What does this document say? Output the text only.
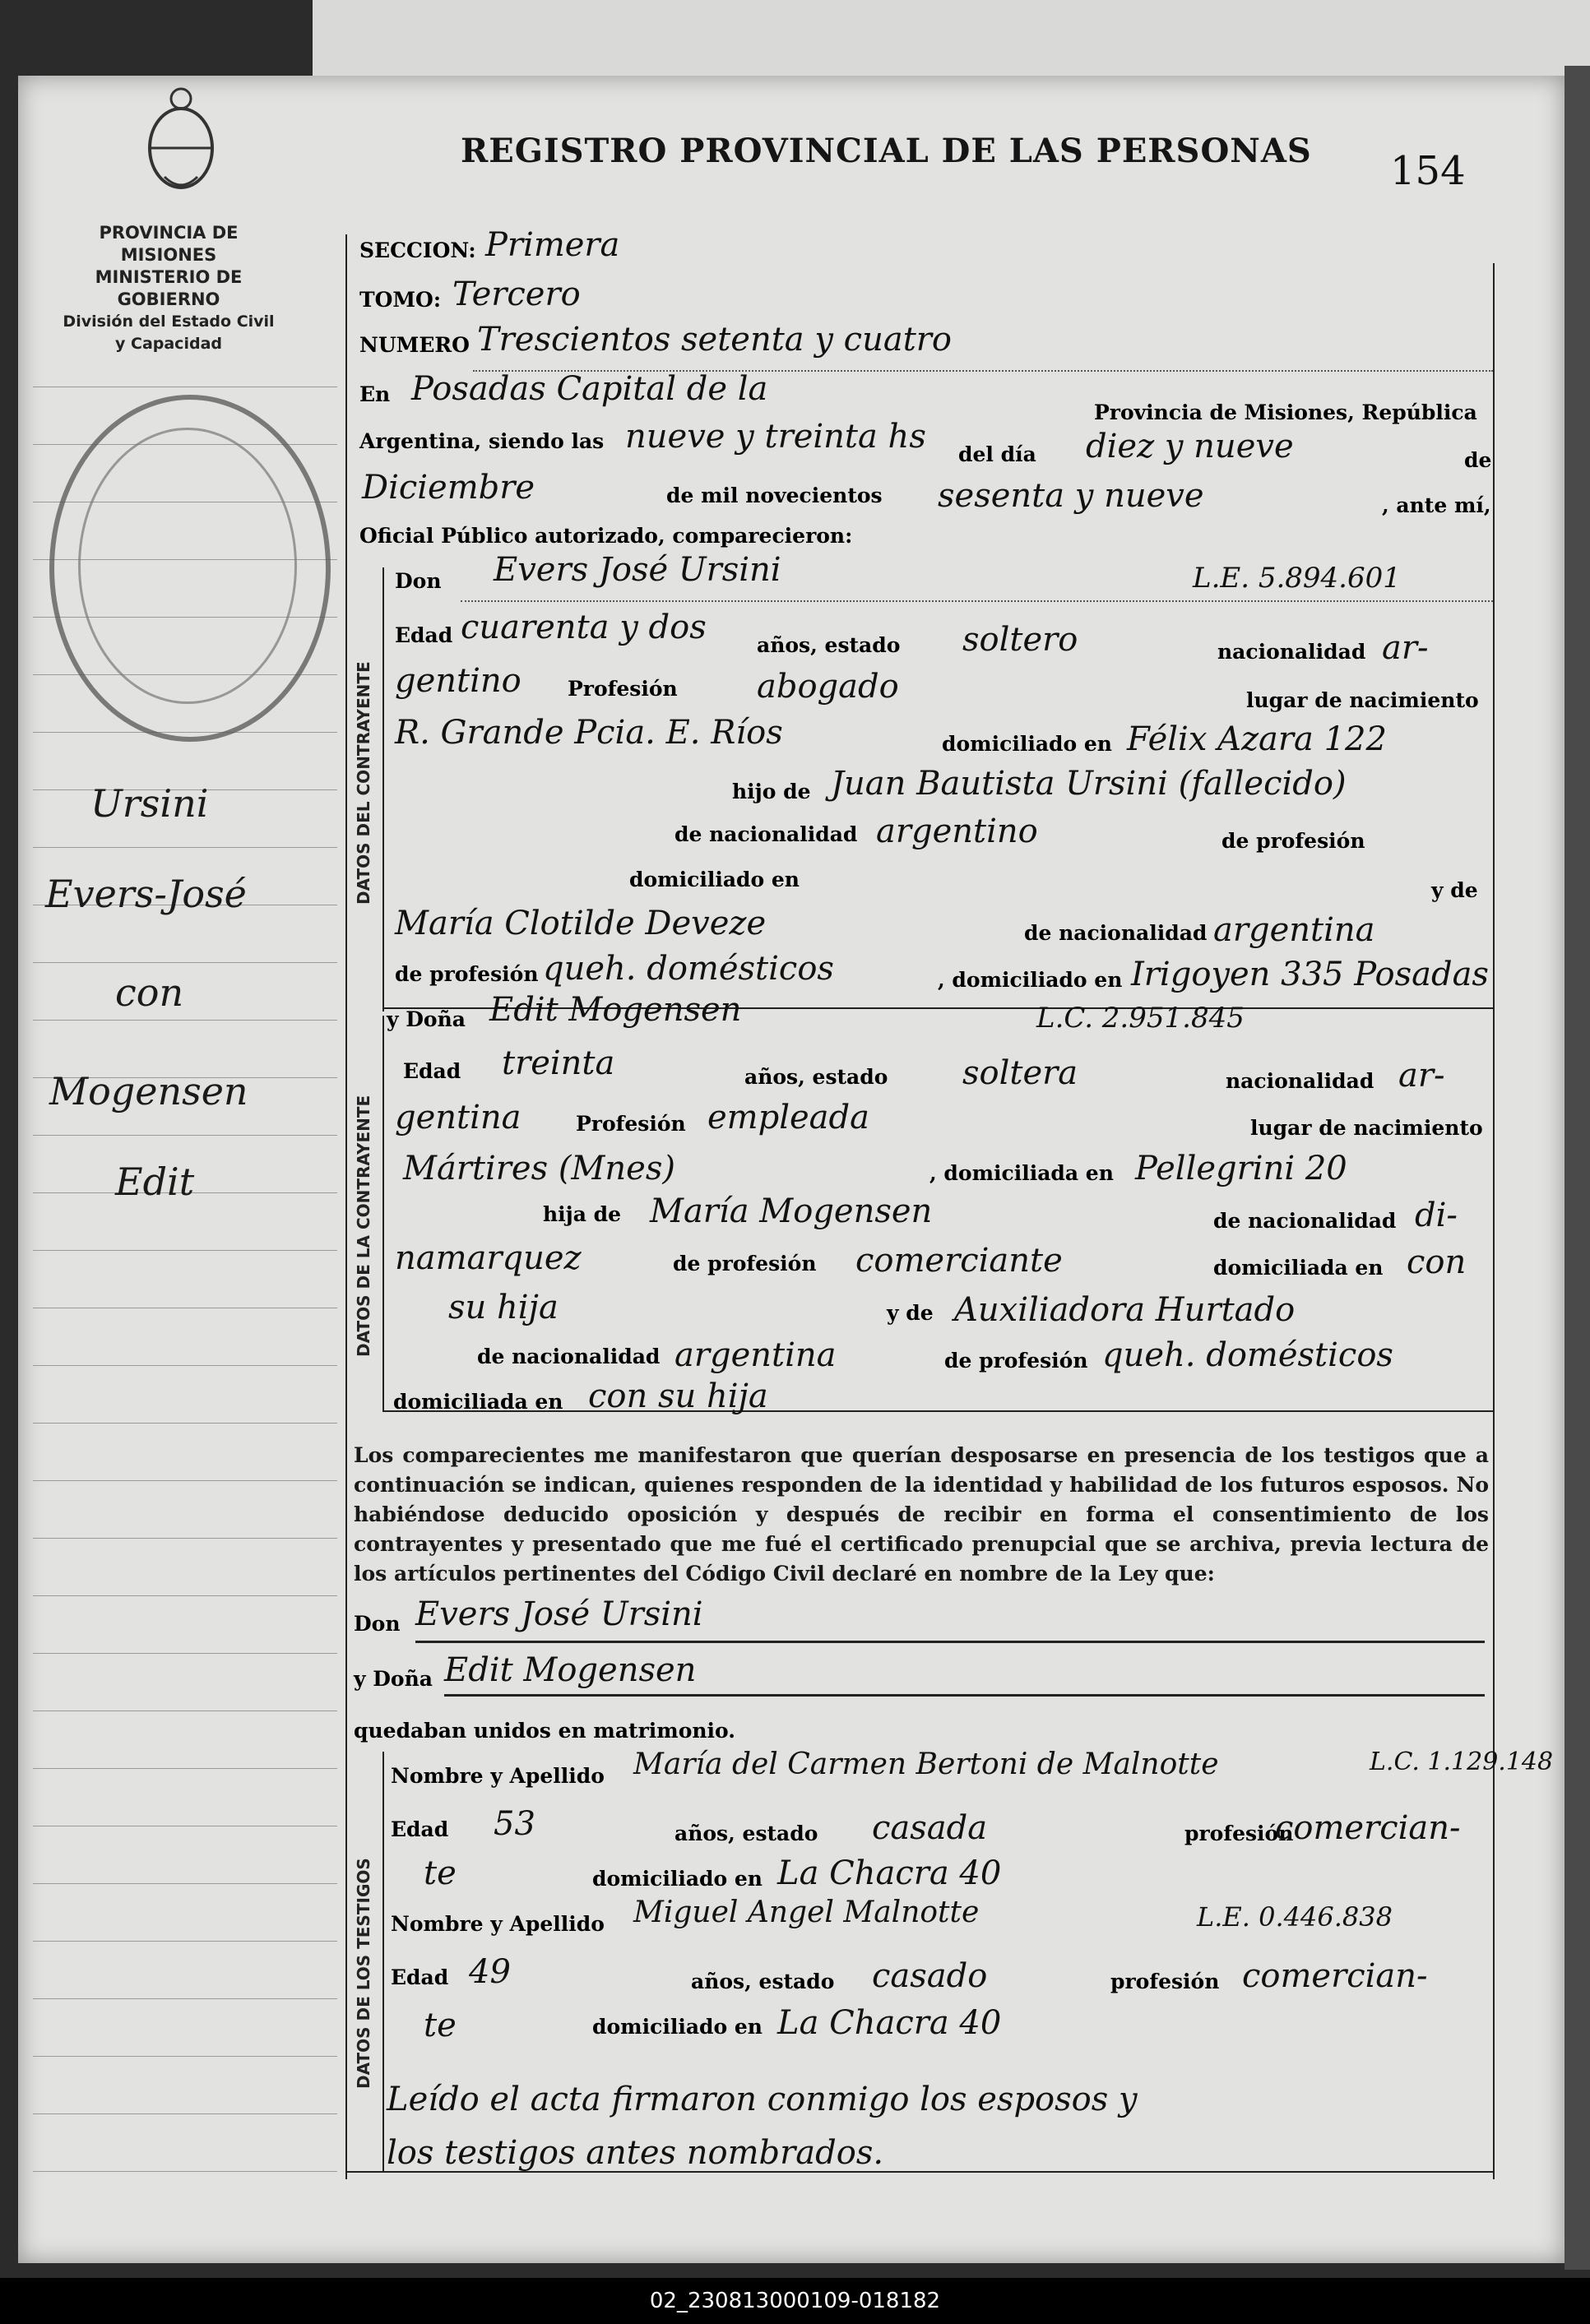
PROVINCIA DE MISIONES
MINISTERIO DE GOBIERNO
División del Estado Civil
y Capacidad
Ursini
Evers-José
con
Mogensen
Edit
REGISTRO PROVINCIAL DE LAS PERSONAS 154
DATOS DEL CONTRAYENTE
DATOS DE LA CONTRAYENTE
DATOS DE LOS TESTIGOS
SECCION: Primera
TOMO: Tercero
NUMERO Trescientos setenta y cuatro
En Posadas Capital de la
Provincia de Misiones, República
Argentina, siendo las nueve y treinta hs del día diez y nueve	de
Diciembre	de mil novecientos sesenta y nueve	, ante mí,
Oficial Público autorizado, comparecieron:
Don Evers José Ursini	L.E. 5.894.601
Edad cuarenta y dos años, estado soltero	nacionalidad ar-
gentino Profesión abogado	lugar de nacimiento
R. Grande Pcia. E. Ríos	domiciliado en Félix Azara 122
hijo de Juan Bautista Ursini (fallecido)
de nacionalidad argentino	de profesión
domiciliado en	y de
María Clotilde Deveze	de nacionalidad argentina
de profesión queh. domésticos	, domiciliado en Irigoyen 335 Posadas
y Doña Edit Mogensen	L.C. 2.951.845
Edad treinta	años, estado soltera	nacionalidad ar-
gentina	Profesión empleada	lugar de nacimiento
Mártires (Mnes)	, domiciliada en Pellegrini 20
hija de María Mogensen	de nacionalidad di-
namarquez	de profesión comerciante	domiciliada en con
su hija	y de Auxiliadora Hurtado
de nacionalidad argentina	de profesión queh. domésticos
domiciliada en con su hija
Los comparecientes me manifestaron que querían desposarse en presencia de los testigos que a continuación se indican, quienes responden de la identidad y habilidad de los futuros esposos. No habiéndose deducido oposición y después de recibir en forma el consentimiento de los contrayentes y presentado que me fué el certificado prenupcial que se archiva, previa lectura de los artículos pertinentes del Código Civil declaré en nombre de la Ley que:
Don Evers José Ursini
y Doña Edit Mogensen
quedaban unidos en matrimonio.
Nombre y Apellido María del Carmen Bertoni de Malnotte	L.C. 1.129.148
Edad 53	años, estado casada	profesión
comercian-
te	domiciliado en La Chacra 40
Nombre y Apellido Miguel Angel Malnotte	L.E. 0.446.838
Edad 49	años, estado casado	profesión comercian-
te	domiciliado en La Chacra 40
Leído el acta firmaron conmigo los esposos y
los testigos antes nombrados.
02_230813000109-018182
